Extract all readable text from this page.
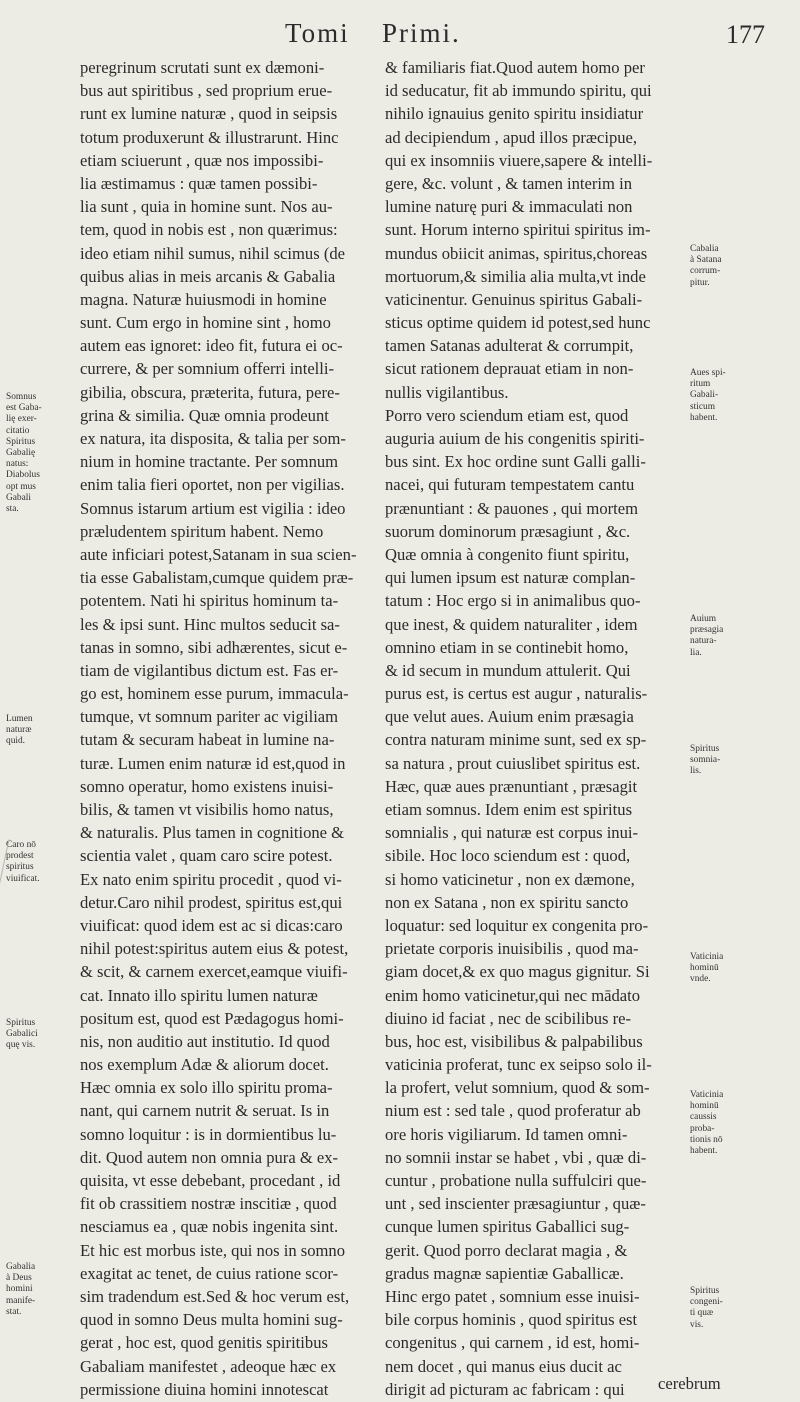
Tomi Primi.	177
peregrinum scrutati sunt ex dæmoni-
bus aut spiritibus , sed proprium erue-
runt ex lumine naturæ , quod in seipsis
totum produxerunt & illustrarunt. Hinc
etiam sciuerunt , quæ nos impossibi-
lia æstimamus : quæ tamen possibi-
lia sunt , quia in homine sunt. Nos au-
tem, quod in nobis est , non quærimus:
ideo etiam nihil sumus, nihil scimus (de
quibus alias in meis arcanis & Gabalia
magna. Naturæ huiusmodi in homine
sunt. Cum ergo in homine sint , homo
autem eas ignoret: ideo fit, futura ei oc-
currere, & per somnium offerri intelli-
gibilia, obscura, præterita, futura, pere-
grina & similia. Quæ omnia prodeunt
ex natura, ita disposita, & talia per som-
nium in homine tractante. Per somnum
enim talia fieri oportet, non per vigilias.
Somnus istarum artium est vigilia : ideo
præludentem spiritum habent. Nemo
aute inficiari potest,Satanam in sua scien-
tia esse Gabalistam,cumque quidem præ-
potentem. Nati hi spiritus hominum ta-
les & ipsi sunt. Hinc multos seducit sa-
tanas in somno, sibi adhærentes, sicut e-
tiam de vigilantibus dictum est. Fas er-
go est, hominem esse purum, immacula-
tumque, vt somnum pariter ac vigiliam
tutam & securam habeat in lumine na-
turæ. Lumen enim naturæ id est,quod in
somno operatur, homo existens inuisi-
bilis, & tamen vt visibilis homo natus,
& naturalis. Plus tamen in cognitione &
scientia valet , quam caro scire potest.
Ex nato enim spiritu procedit , quod vi-
detur.Caro nihil prodest, spiritus est,qui
viuificat: quod idem est ac si dicas:caro
nihil potest:spiritus autem eius & potest,
& scit, & carnem exercet,eamque viuifi-
cat. Innato illo spiritu lumen naturæ
positum est, quod est Pædagogus homi-
nis, non auditio aut institutio. Id quod
nos exemplum Adæ & aliorum docet.
Hæc omnia ex solo illo spiritu proma-
nant, qui carnem nutrit & seruat. Is in
somno loquitur : is in dormientibus lu-
dit. Quod autem non omnia pura & ex-
quisita, vt esse debebant, procedant , id
fit ob crassitiem nostræ inscitiæ , quod
nesciamus ea , quæ nobis ingenita sint.
Et hic est morbus iste, qui nos in somno
exagitat ac tenet, de cuius ratione scor-
sim tradendum est.Sed & hoc verum est,
quod in somno Deus multa homini sug-
gerat , hoc est, quod genitis spiritibus
Gabaliam manifestet , adeoque hæc ex
permissione diuina homini innotescat
& familiaris fiat.Quod autem homo per
id seducatur, fit ab immundo spiritu, qui
nihilo ignauius genito spiritu insidiatur
ad decipiendum , apud illos præcipue,
qui ex insomniis viuere,sapere & intelli-
gere, &c. volunt , & tamen interim in
lumine naturę puri & immaculati non
sunt. Horum interno spiritui spiritus im-
mundus obiicit animas, spiritus,choreas
mortuorum,& similia alia multa,vt inde
vaticinentur. Genuinus spiritus Gabali-
sticus optime quidem id potest,sed hunc
tamen Satanas adulterat & corrumpit,
sicut rationem deprauat etiam in non-
nullis vigilantibus.
Porro vero sciendum etiam est, quod
auguria auium de his congenitis spiriti-
bus sint. Ex hoc ordine sunt Galli galli-
nacei, qui futuram tempestatem cantu
prænuntiant : & pauones , qui mortem
suorum dominorum præsagiunt , &c.
Quæ omnia à congenito fiunt spiritu,
qui lumen ipsum est naturæ complan-
tatum : Hoc ergo si in animalibus quo-
que inest, & quidem naturaliter , idem
omnino etiam in se continebit homo,
& id secum in mundum attulerit. Qui
purus est, is certus est augur , naturalis-
que velut aues. Auium enim præsagia
contra naturam minime sunt, sed ex sp-
sa natura , prout cuiuslibet spiritus est.
Hæc, quæ aues prænuntiant , præsagit
etiam somnus. Idem enim est spiritus
somnialis , qui naturæ est corpus inui-
sibile. Hoc loco sciendum est : quod,
si homo vaticinetur , non ex dæmone,
non ex Satana , non ex spiritu sancto
loquatur: sed loquitur ex congenita pro-
prietate corporis inuisibilis , quod ma-
giam docet,& ex quo magus gignitur. Si
enim homo vaticinetur,qui nec mādato
diuino id faciat , nec de scibilibus re-
bus, hoc est, visibilibus & palpabilibus
vaticinia proferat, tunc ex seipso solo il-
la profert, velut somnium, quod & som-
nium est : sed tale , quod proferatur ab
ore horis vigiliarum. Id tamen omni-
no somnii instar se habet , vbi , quæ di-
cuntur , probatione nulla suffulciri que-
unt , sed inscienter præsagiuntur , quæ-
cunque lumen spiritus Gaballici sug-
gerit. Quod porro declarat magia , &
gradus magnæ sapientiæ Gaballicæ.
Hinc ergo patet , somnium esse inuisi-
bile corpus hominis , quod spiritus est
congenitus , qui carnem , id est, homi-
nem docet , qui manus eius ducit ac
dirigit ad picturam ac fabricam : qui
Somnus
est Gaba-
lię exer-
citatio
Spiritus
Gabalię
natus:
Diabolus
opt mus
Gabali
sta.
Lumen
naturæ
quid.
Caro nō
prodest
spiritus
viuificat.
Spiritus
Gabalici
quę vis.
Gabalia
à Deus
homini
manife-
stat.
Cabalia
à Satana
corrum-
pitur.
Aues spi-
ritum
Gabali-
sticum
habent.
Auium
præsagia
natura-
lia.
Spiritus
somnia-
lis.
Vaticinia
hominū
vnde.
Vaticinia
hominū
caussis
proba-
tionis nō
habent.
Spiritus
congeni-
ti quæ
vis.
cerebrum
